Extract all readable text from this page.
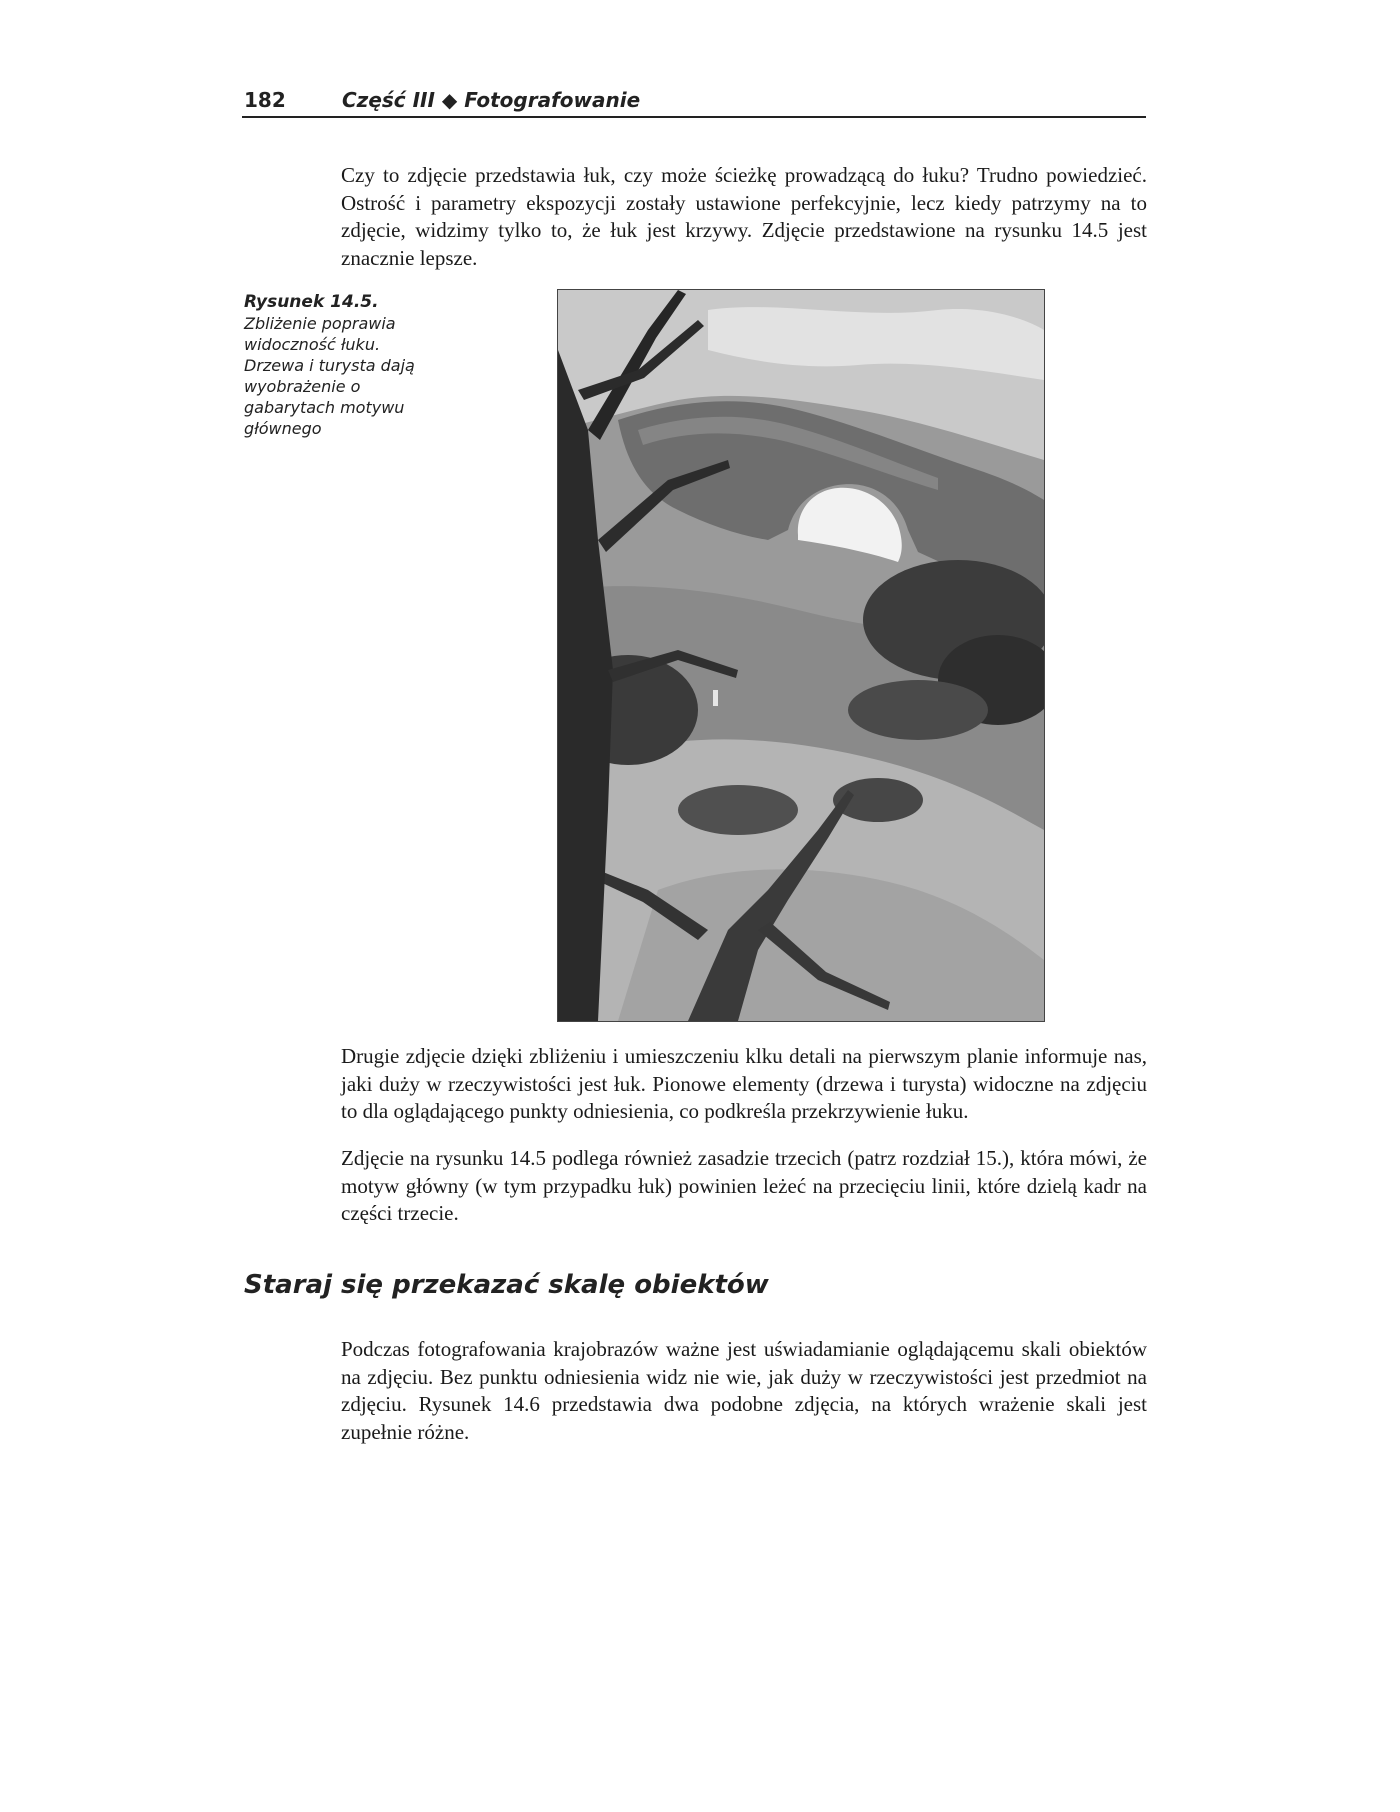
182	Część III ◆ Fotografowanie

Czy to zdjęcie przedstawia łuk, czy może ścieżkę prowadzącą do łuku? Trudno powiedzieć. Ostrość i parametry ekspozycji zostały ustawione perfekcyjnie, lecz kiedy patrzymy na to zdjęcie, widzimy tylko to, że łuk jest krzywy. Zdjęcie przedstawione na rysunku 14.5 jest znacznie lepsze.

Rysunek 14.5.
Zbliżenie poprawia widoczność łuku. Drzewa i turysta dają wyobrażenie o gabarytach motywu głównego

Drugie zdjęcie dzięki zbliżeniu i umieszczeniu klku detali na pierwszym planie informuje nas, jaki duży w rzeczywistości jest łuk. Pionowe elementy (drzewa i turysta) widoczne na zdjęciu to dla oglądającego punkty odniesienia, co podkreśla przekrzywienie łuku.

Zdjęcie na rysunku 14.5 podlega również zasadzie trzecich (patrz rozdział 15.), która mówi, że motyw główny (w tym przypadku łuk) powinien leżeć na przecięciu linii, które dzielą kadr na części trzecie.

Staraj się przekazać skalę obiektów

Podczas fotografowania krajobrazów ważne jest uświadamianie oglądającemu skali obiektów na zdjęciu. Bez punktu odniesienia widz nie wie, jak duży w rzeczywistości jest przedmiot na zdjęciu. Rysunek 14.6 przedstawia dwa podobne zdjęcia, na których wrażenie skali jest zupełnie różne.
